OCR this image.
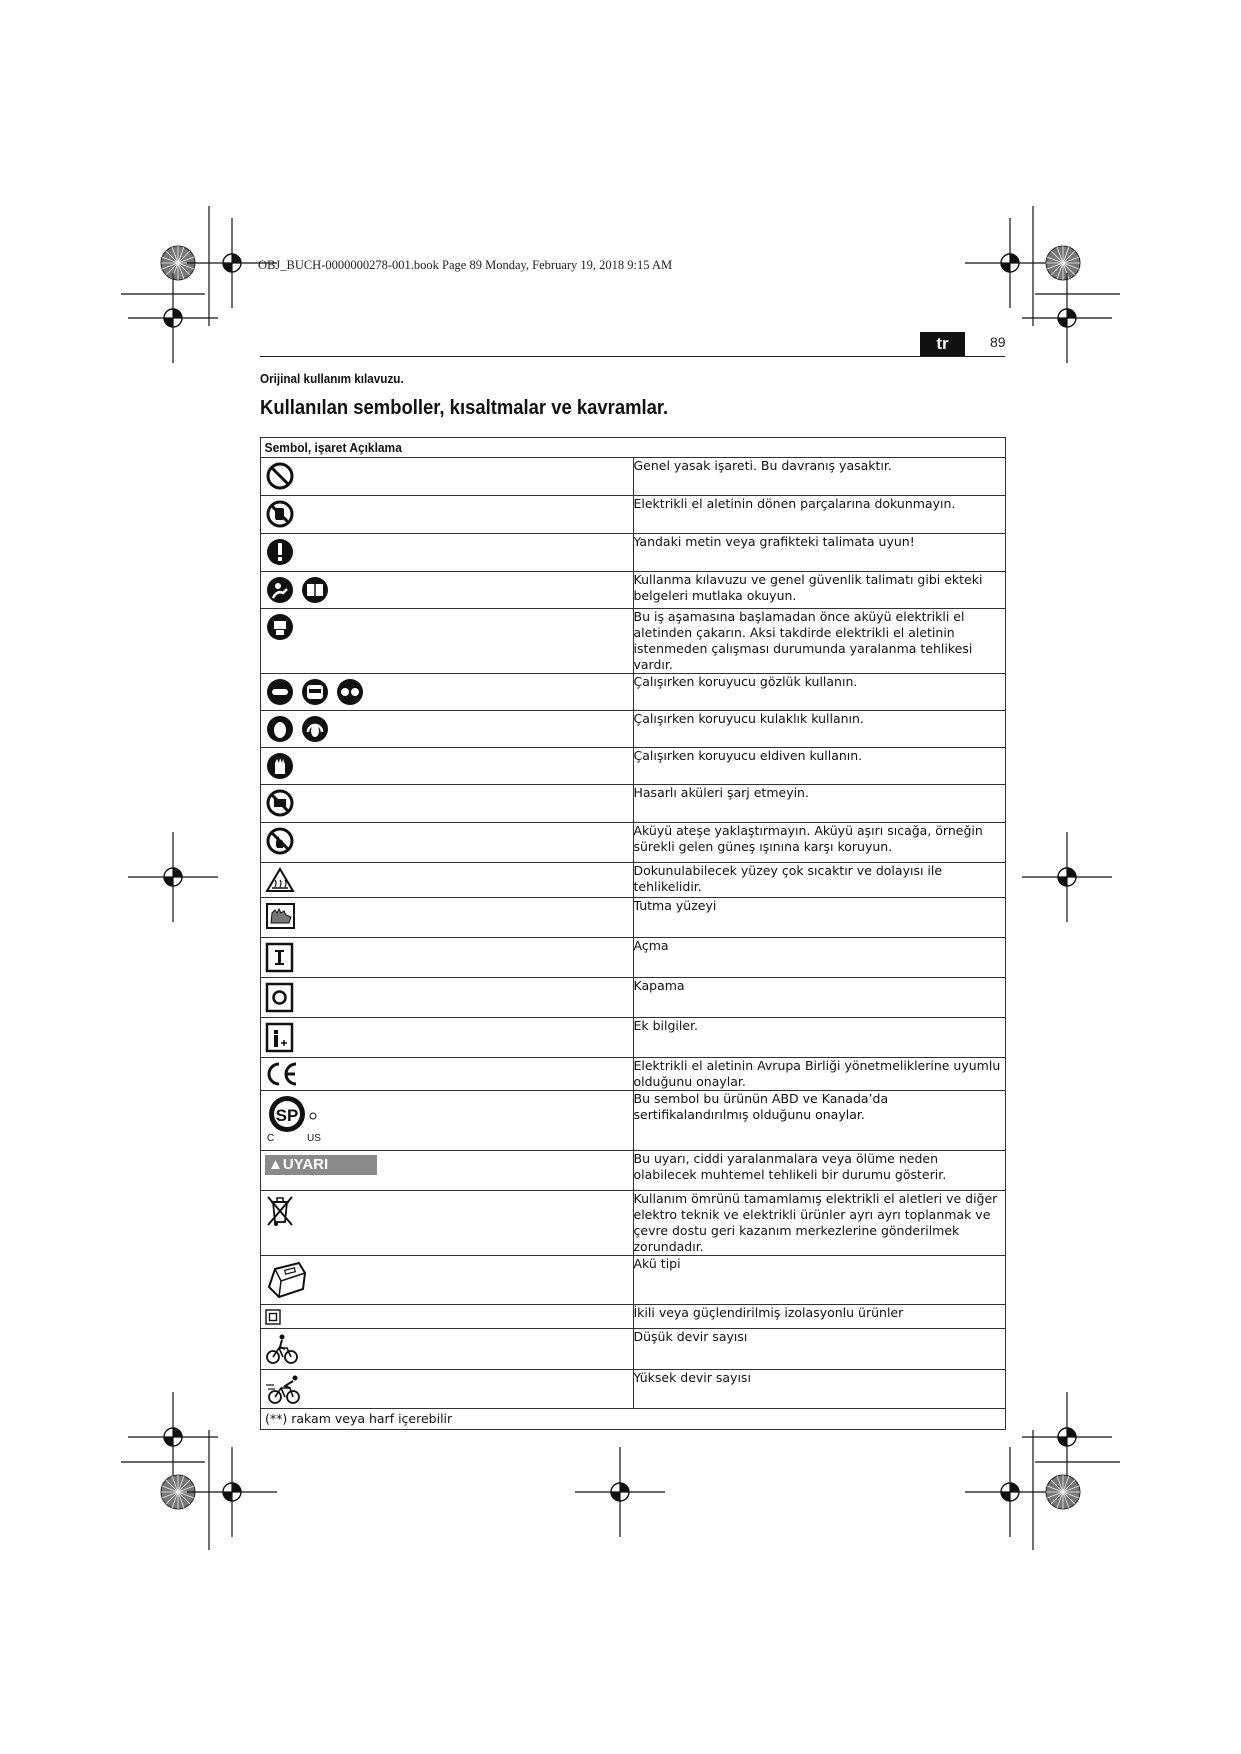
OBJ_BUCH-0000000278-001.book Page 89 Monday, February 19, 2018 9:15 AM
tr	89
Orijinal kullanım kılavuzu.
Kullanılan semboller, kısaltmalar ve kavramlar.
Sembol, işaret Açıklama	

	Genel yasak işareti. Bu davranış yasaktır.

	Elektrikli el aletinin dönen parçalarına dokunmayın.

	Yandaki metin veya grafikteki talimata uyun!

	Kullanma kılavuzu ve genel güvenlik talimatı gibi ekteki belgeleri mutlaka okuyun.

	Bu iş aşamasına başlamadan önce aküyü elektrikli el aletinden çakarın. Aksi takdirde elektrikli el aletinin istenmeden çalışması durumunda yaralanma tehlikesi vardır.

	Çalışırken koruyucu gözlük kullanın.

	Çalışırken koruyucu kulaklık kullanın.

	Çalışırken koruyucu eldiven kullanın.

	Hasarlı aküleri şarj etmeyin.

	Aküyü ateşe yaklaştırmayın. Aküyü aşırı sıcağa, örneğin sürekli gelen güneş ışınına karşı koruyun.

	Dokunulabilecek yüzey çok sıcaktır ve dolayısı ile tehlikelidir.

	Tutma yüzeyi

	Açma

	Kapama

	Ek bilgiler.

	Elektrikli el aletinin Avrupa Birliği yönetmeliklerine uyumlu olduğunu onaylar.

SP
C US	Bu sembol bu ürünün ABD ve Kanada’da sertifikalandırılmış olduğunu onaylar.

▲UYARI	Bu uyarı, ciddi yaralanmalara veya ölüme neden olabilecek muhtemel tehlikeli bir durumu gösterir.

	Kullanım ömrünü tamamlamış elektrikli el aletleri ve diğer elektro teknik ve elektrikli ürünler ayrı ayrı toplanmak ve çevre dostu geri kazanım merkezlerine gönderilmek zorundadır.

	Akü tipi

	İkili veya güçlendirilmiş izolasyonlu ürünler

	Düşük devir sayısı

	Yüksek devir sayısı

(**) rakam veya harf içerebilir	
